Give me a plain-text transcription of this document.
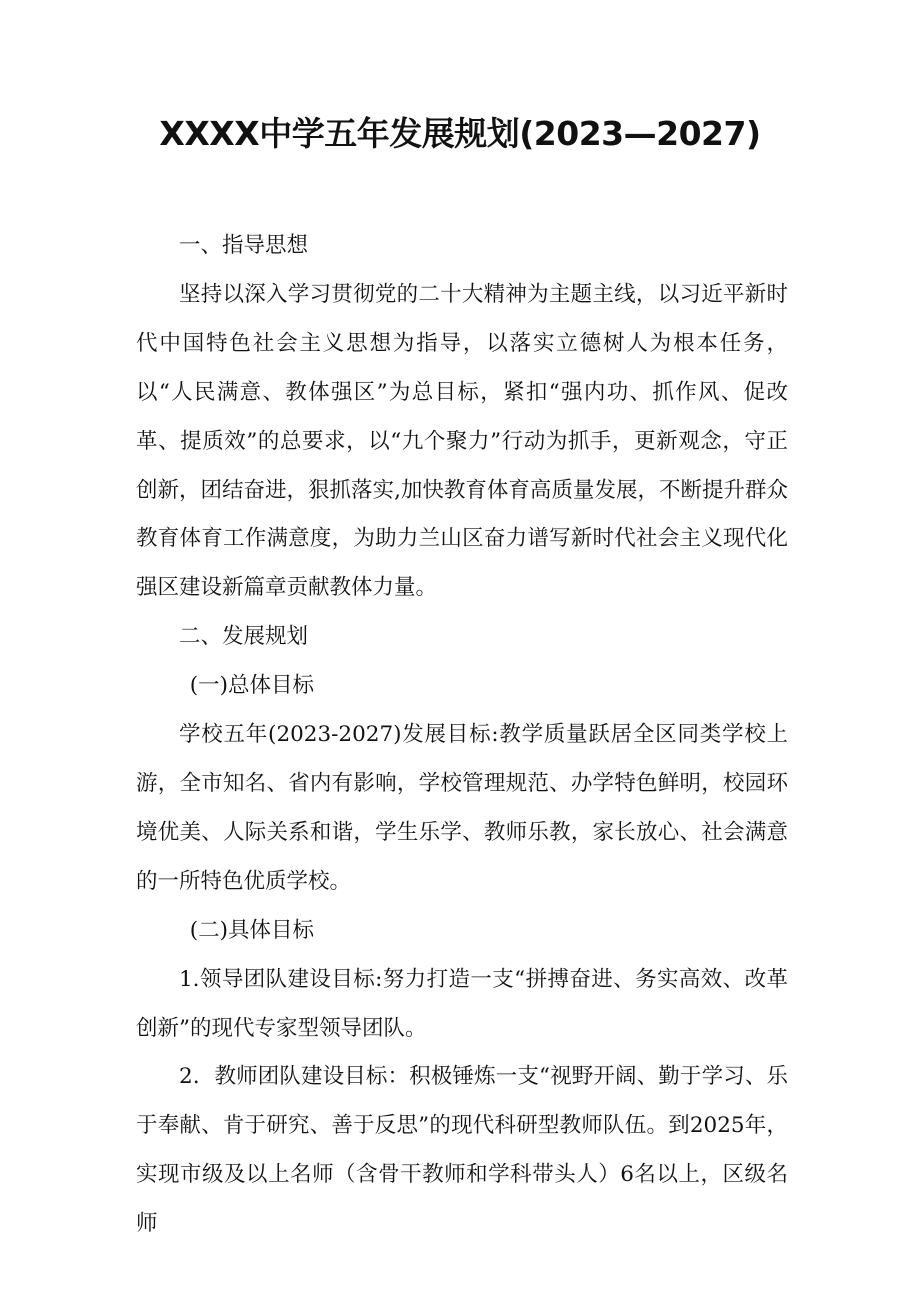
XXXX中学五年发展规划(2023—2027)

一、指导思想

坚持以深入学习贯彻党的二十大精神为主题主线，以习近平新时代中国特色社会主义思想为指导，以落实立德树人为根本任务，以“人民满意、教体强区”为总目标，紧扣“强内功、抓作风、促改革、提质效”的总要求，以“九个聚力”行动为抓手，更新观念，守正创新，团结奋进，狠抓落实,加快教育体育高质量发展，不断提升群众教育体育工作满意度，为助力兰山区奋力谱写新时代社会主义现代化强区建设新篇章贡献教体力量。

二、发展规划

(一)总体目标

学校五年(2023-2027)发展目标:教学质量跃居全区同类学校上游，全市知名、省内有影响，学校管理规范、办学特色鲜明，校园环境优美、人际关系和谐，学生乐学、教师乐教，家长放心、社会满意的一所特色优质学校。

(二)具体目标

1.领导团队建设目标:努力打造一支“拼搏奋进、务实高效、改革创新”的现代专家型领导团队。

2．教师团队建设目标：积极锤炼一支“视野开阔、勤于学习、乐于奉献、肯于研究、善于反思”的现代科研型教师队伍。到2025年，实现市级及以上名师（含骨干教师和学科带头人）6名以上，区级名师
